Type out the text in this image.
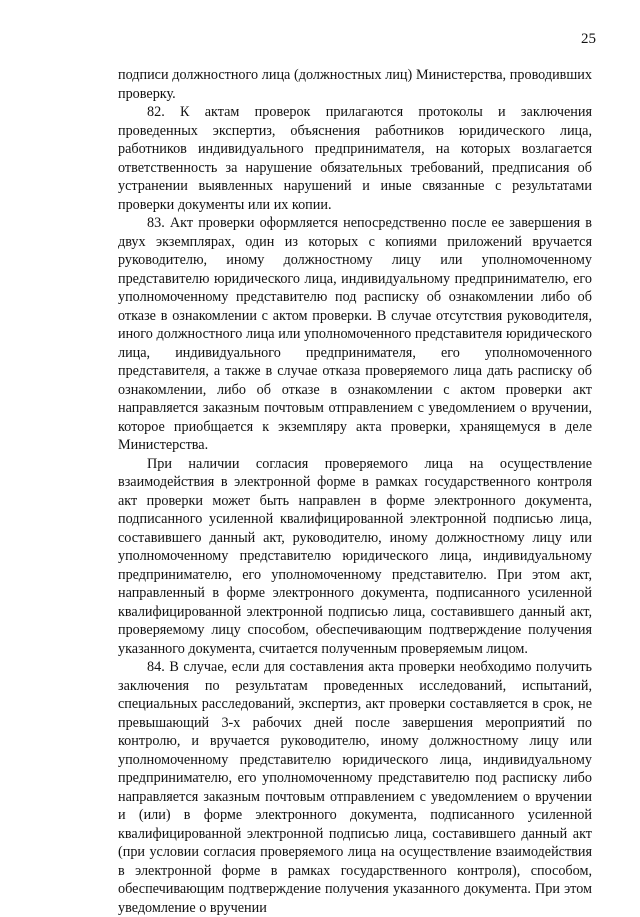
25

подписи должностного лица (должностных лиц) Министерства, проводивших проверку.

82. К актам проверок прилагаются протоколы и заключения проведенных экспертиз, объяснения работников юридического лица, работников индивидуального предпринимателя, на которых возлагается ответственность за нарушение обязательных требований, предписания об устранении выявленных нарушений и иные связанные с результатами проверки документы или их копии.

83. Акт проверки оформляется непосредственно после ее завершения в двух экземплярах, один из которых с копиями приложений вручается руководителю, иному должностному лицу или уполномоченному представителю юридического лица, индивидуальному предпринимателю, его уполномоченному представителю под расписку об ознакомлении либо об отказе в ознакомлении с актом проверки. В случае отсутствия руководителя, иного должностного лица или уполномоченного представителя юридического лица, индивидуального предпринимателя, его уполномоченного представителя, а также в случае отказа проверяемого лица дать расписку об ознакомлении, либо об отказе в ознакомлении с актом проверки акт направляется заказным почтовым отправлением с уведомлением о вручении, которое приобщается к экземпляру акта проверки, хранящемуся в деле Министерства.

При наличии согласия проверяемого лица на осуществление взаимодействия в электронной форме в рамках государственного контроля акт проверки может быть направлен в форме электронного документа, подписанного усиленной квалифицированной электронной подписью лица, составившего данный акт, руководителю, иному должностному лицу или уполномоченному представителю юридического лица, индивидуальному предпринимателю, его уполномоченному представителю. При этом акт, направленный в форме электронного документа, подписанного усиленной квалифицированной электронной подписью лица, составившего данный акт, проверяемому лицу способом, обеспечивающим подтверждение получения указанного документа, считается полученным проверяемым лицом.

84. В случае, если для составления акта проверки необходимо получить заключения по результатам проведенных исследований, испытаний, специальных расследований, экспертиз, акт проверки составляется в срок, не превышающий 3-х рабочих дней после завершения мероприятий по контролю, и вручается руководителю, иному должностному лицу или уполномоченному представителю юридического лица, индивидуальному предпринимателю, его уполномоченному представителю под расписку либо направляется заказным почтовым отправлением с уведомлением о вручении и (или) в форме электронного документа, подписанного усиленной квалифицированной электронной подписью лица, составившего данный акт (при условии согласия проверяемого лица на осуществление взаимодействия в электронной форме в рамках государственного контроля), способом, обеспечивающим подтверждение получения указанного документа. При этом уведомление о вручении
